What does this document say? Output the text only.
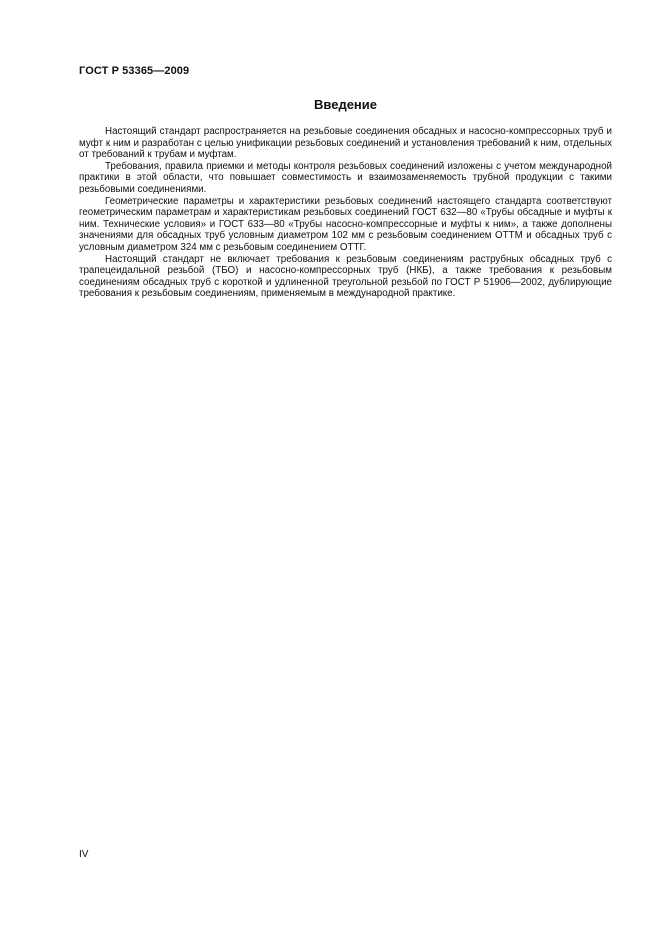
ГОСТ Р 53365—2009
Введение

Настоящий стандарт распространяется на резьбовые соединения обсадных и насосно-компрессорных труб и муфт к ним и разработан с целью унификации резьбовых соединений и установления требований к ним, отдельных от требований к трубам и муфтам.

Требования, правила приемки и методы контроля резьбовых соединений изложены с учетом международной практики в этой области, что повышает совместимость и взаимозаменяемость трубной продукции с такими резьбовыми соединениями.

Геометрические параметры и характеристики резьбовых соединений настоящего стандарта соответствуют геометрическим параметрам и характеристикам резьбовых соединений ГОСТ 632—80 «Трубы обсадные и муфты к ним. Технические условия» и ГОСТ 633—80 «Трубы насосно-компрессорные и муфты к ним», а также дополнены значениями для обсадных труб условным диаметром 102 мм с резьбовым соединением ОТТМ и обсадных труб с условным диаметром 324 мм с резьбовым соединением ОТТГ.

Настоящий стандарт не включает требования к резьбовым соединениям раструбных обсадных труб с трапецеидальной резьбой (ТБО) и насосно-компрессорных труб (НКБ), а также требования к резьбовым соединениям обсадных труб с короткой и удлиненной треугольной резьбой по ГОСТ Р 51906—2002, дублирующие требования к резьбовым соединениям, применяемым в международной практике.

IV
